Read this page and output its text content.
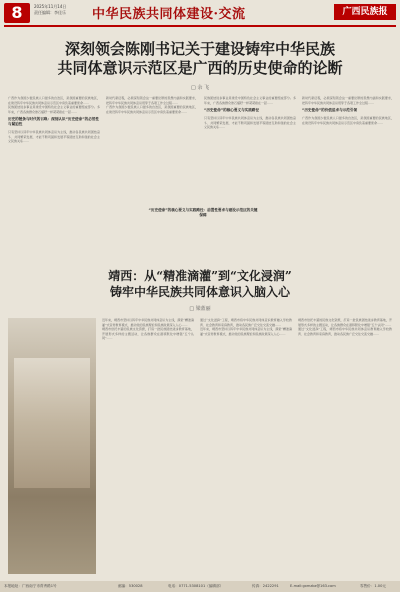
8	2025年11月14日
责任编辑：李佳乐 中华民族共同体建设·交流	广西民族报
深刻领会陈刚书记关于建设铸牢中华民族
共同体意识示范区是广西的历史使命的论断
□ 余 飞
广西作为我国少数民族人口最多的自治区，是我国重要的民族地区，在建设铸牢中华民族共同体意识示范区中肩负着重要使命……
民族团结进步事业是建设中国特色社会主义事业的重要组成部分。多年来，广西各族群众像石榴籽一样紧紧抱在一起……
历史的链条与时代的召唤：深刻认识“历史使命”的必然性与紧迫性
只有坚持以铸牢中华民族共同体意识为主线，推动各民族共同团结奋斗、共同繁荣发展，才能不断巩固和发展平等团结互助和谐的社会主义民族关系……
新时代新征程，必须深刻领会这一重要论断的思想内涵和实践要求，把铸牢中华民族共同体意识贯穿于各项工作全过程……
广西作为我国少数民族人口最多的自治区，是我国重要的民族地区，在建设铸牢中华民族共同体意识示范区中肩负着重要使命……
民族团结进步事业是建设中国特色社会主义事业的重要组成部分。多年来，广西各族群众像石榴籽一样紧紧抱在一起……
“历史使命”的核心要义与实践路径
只有坚持以铸牢中华民族共同体意识为主线，推动各民族共同团结奋斗、共同繁荣发展，才能不断巩固和发展平等团结互助和谐的社会主义民族关系……
新时代新征程，必须深刻领会这一重要论断的思想内涵和实践要求，把铸牢中华民族共同体意识贯穿于各项工作全过程……
“历史使命”的价值追求与示范引领
广西作为我国少数民族人口最多的自治区，是我国重要的民族地区，在建设铸牢中华民族共同体意识示范区中肩负着重要使命……
“历史使命”的核心要义与实践路径：前置性要求与建设示范区的关键保障
靖西：从“精准滴灌”到“文化浸润”
铸牢中华民族共同体意识入脑入心
□ 梁蓝丽
近年来，靖西市坚持以铸牢中华民族共同体意识为主线，探索“精准滴灌”式宣传教育模式，推动党的民族理论和民族政策深入人心……
靖西市依托丰富的民族文化资源，打造一批民族团结进步教育基地，开展形式多样的主题活动，让各族群众在潜移默化中增强“五个认同”……
通过“文化浸润”工程，靖西市将中华民族共同体意识教育融入学校教育、社会教育和家庭教育，推动各民族广泛交往交流交融……
近年来，靖西市坚持以铸牢中华民族共同体意识为主线，探索“精准滴灌”式宣传教育模式，推动党的民族理论和民族政策深入人心……
靖西市依托丰富的民族文化资源，打造一批民族团结进步教育基地，开展形式多样的主题活动，让各族群众在潜移默化中增强“五个认同”……
通过“文化浸润”工程，靖西市将中华民族共同体意识教育融入学校教育、社会教育和家庭教育，推动各民族广泛交往交流交融……
本报地址：广西南宁市青秀路1号	邮编：530028	电话：0771-5308101（编辑部）	传真：2422291	E-mail:gxmzbz@163.com	零售价：1.00元
